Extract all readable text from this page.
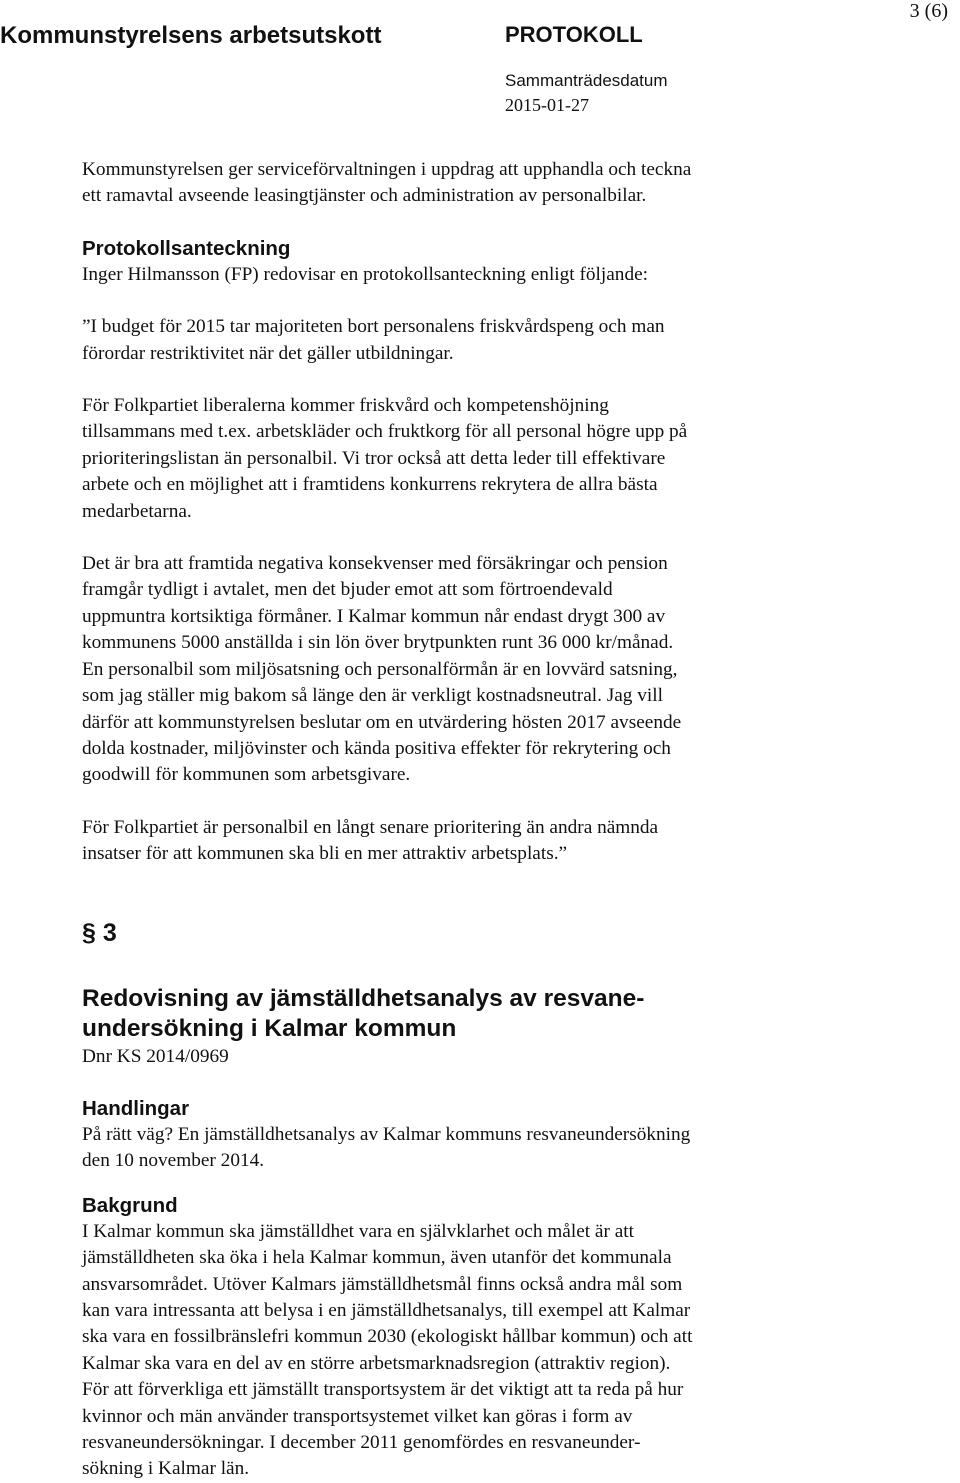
Kommunstyrelsens arbetsutskott	PROTOKOLL
3 (6)
Sammanträdesdatum
2015-01-27

Kommunstyrelsen ger serviceförvaltningen i uppdrag att upphandla och teckna

ett ramavtal avseende leasingtjänster och administration av personalbilar.

Protokollsanteckning

Inger Hilmansson (FP) redovisar en protokollsanteckning enligt följande:

”I budget för 2015 tar majoriteten bort personalens friskvårdspeng och man

förordar restriktivitet när det gäller utbildningar.

För Folkpartiet liberalerna kommer friskvård och kompetenshöjning

tillsammans med t.ex. arbetskläder och fruktkorg för all personal högre upp på

prioriteringslistan än personalbil. Vi tror också att detta leder till effektivare

arbete och en möjlighet att i framtidens konkurrens rekrytera de allra bästa

medarbetarna.

Det är bra att framtida negativa konsekvenser med försäkringar och pension

framgår tydligt i avtalet, men det bjuder emot att som förtroendevald

uppmuntra kortsiktiga förmåner. I Kalmar kommun når endast drygt 300 av

kommunens 5000 anställda i sin lön över brytpunkten runt 36 000 kr/månad.

En personalbil som miljösatsning och personalförmån är en lovvärd satsning,

som jag ställer mig bakom så länge den är verkligt kostnadsneutral. Jag vill

därför att kommunstyrelsen beslutar om en utvärdering hösten 2017 avseende

dolda kostnader, miljövinster och kända positiva effekter för rekrytering och

goodwill för kommunen som arbetsgivare.

För Folkpartiet är personalbil en långt senare prioritering än andra nämnda

insatser för att kommunen ska bli en mer attraktiv arbetsplats.”

§ 3

Redovisning av jämställdhetsanalys av resvane-

undersökning i Kalmar kommun

Dnr KS 2014/0969

Handlingar

På rätt väg? En jämställdhetsanalys av Kalmar kommuns resvaneundersökning

den 10 november 2014.

Bakgrund

I Kalmar kommun ska jämställdhet vara en självklarhet och målet är att

jämställdheten ska öka i hela Kalmar kommun, även utanför det kommunala

ansvarsområdet. Utöver Kalmars jämställdhetsmål finns också andra mål som

kan vara intressanta att belysa i en jämställdhetsanalys, till exempel att Kalmar

ska vara en fossilbränslefri kommun 2030 (ekologiskt hållbar kommun) och att

Kalmar ska vara en del av en större arbetsmarknadsregion (attraktiv region).

För att förverkliga ett jämställt transportsystem är det viktigt att ta reda på hur

kvinnor och män använder transportsystemet vilket kan göras i form av

resvaneundersökningar. I december 2011 genomfördes en resvaneunder-

sökning i Kalmar län.
